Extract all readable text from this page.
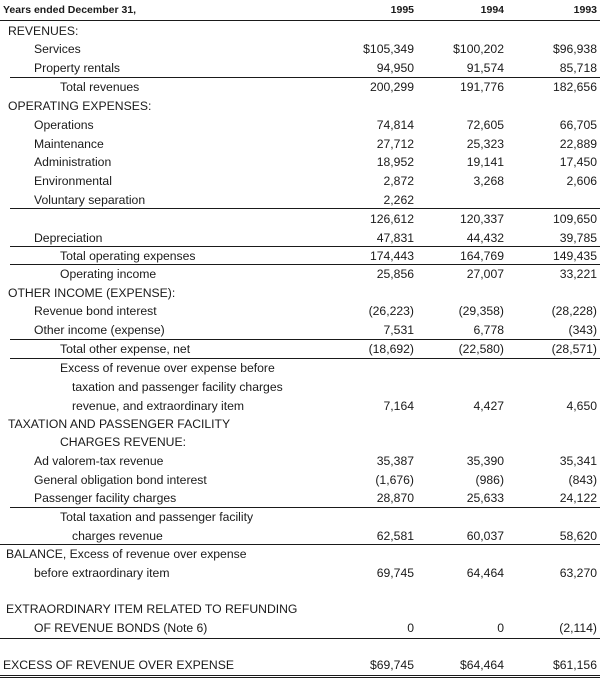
Years ended December 31,	1995	1994	1993
REVENUES:
Services	$105,349	$100,202	$96,938
Property rentals	94,950	91,574	85,718
Total revenues	200,299	191,776	182,656
OPERATING EXPENSES:
Operations	74,814	72,605	66,705
Maintenance	27,712	25,323	22,889
Administration	18,952	19,141	17,450
Environmental	2,872	3,268	2,606
Voluntary separation	2,262
126,612	120,337	109,650
Depreciation	47,831	44,432	39,785
Total operating expenses	174,443	164,769	149,435
Operating income	25,856	27,007	33,221
OTHER INCOME (EXPENSE):
Revenue bond interest	(26,223)	(29,358)	(28,228)
Other income (expense)	7,531	6,778	(343)
Total other expense, net	(18,692)	(22,580)	(28,571)
Excess of revenue over expense before
taxation and passenger facility charges
revenue, and extraordinary item	7,164	4,427	4,650
TAXATION AND PASSENGER FACILITY
CHARGES REVENUE:
Ad valorem-tax revenue	35,387	35,390	35,341
General obligation bond interest	(1,676)	(986)	(843)
Passenger facility charges	28,870	25,633	24,122
Total taxation and passenger facility
charges revenue	62,581	60,037	58,620
BALANCE, Excess of revenue over expense
before extraordinary item	69,745	64,464	63,270
EXTRAORDINARY ITEM RELATED TO REFUNDING
OF REVENUE BONDS (Note 6)	0	0	(2,114)
EXCESS OF REVENUE OVER EXPENSE	$69,745	$64,464	$61,156
